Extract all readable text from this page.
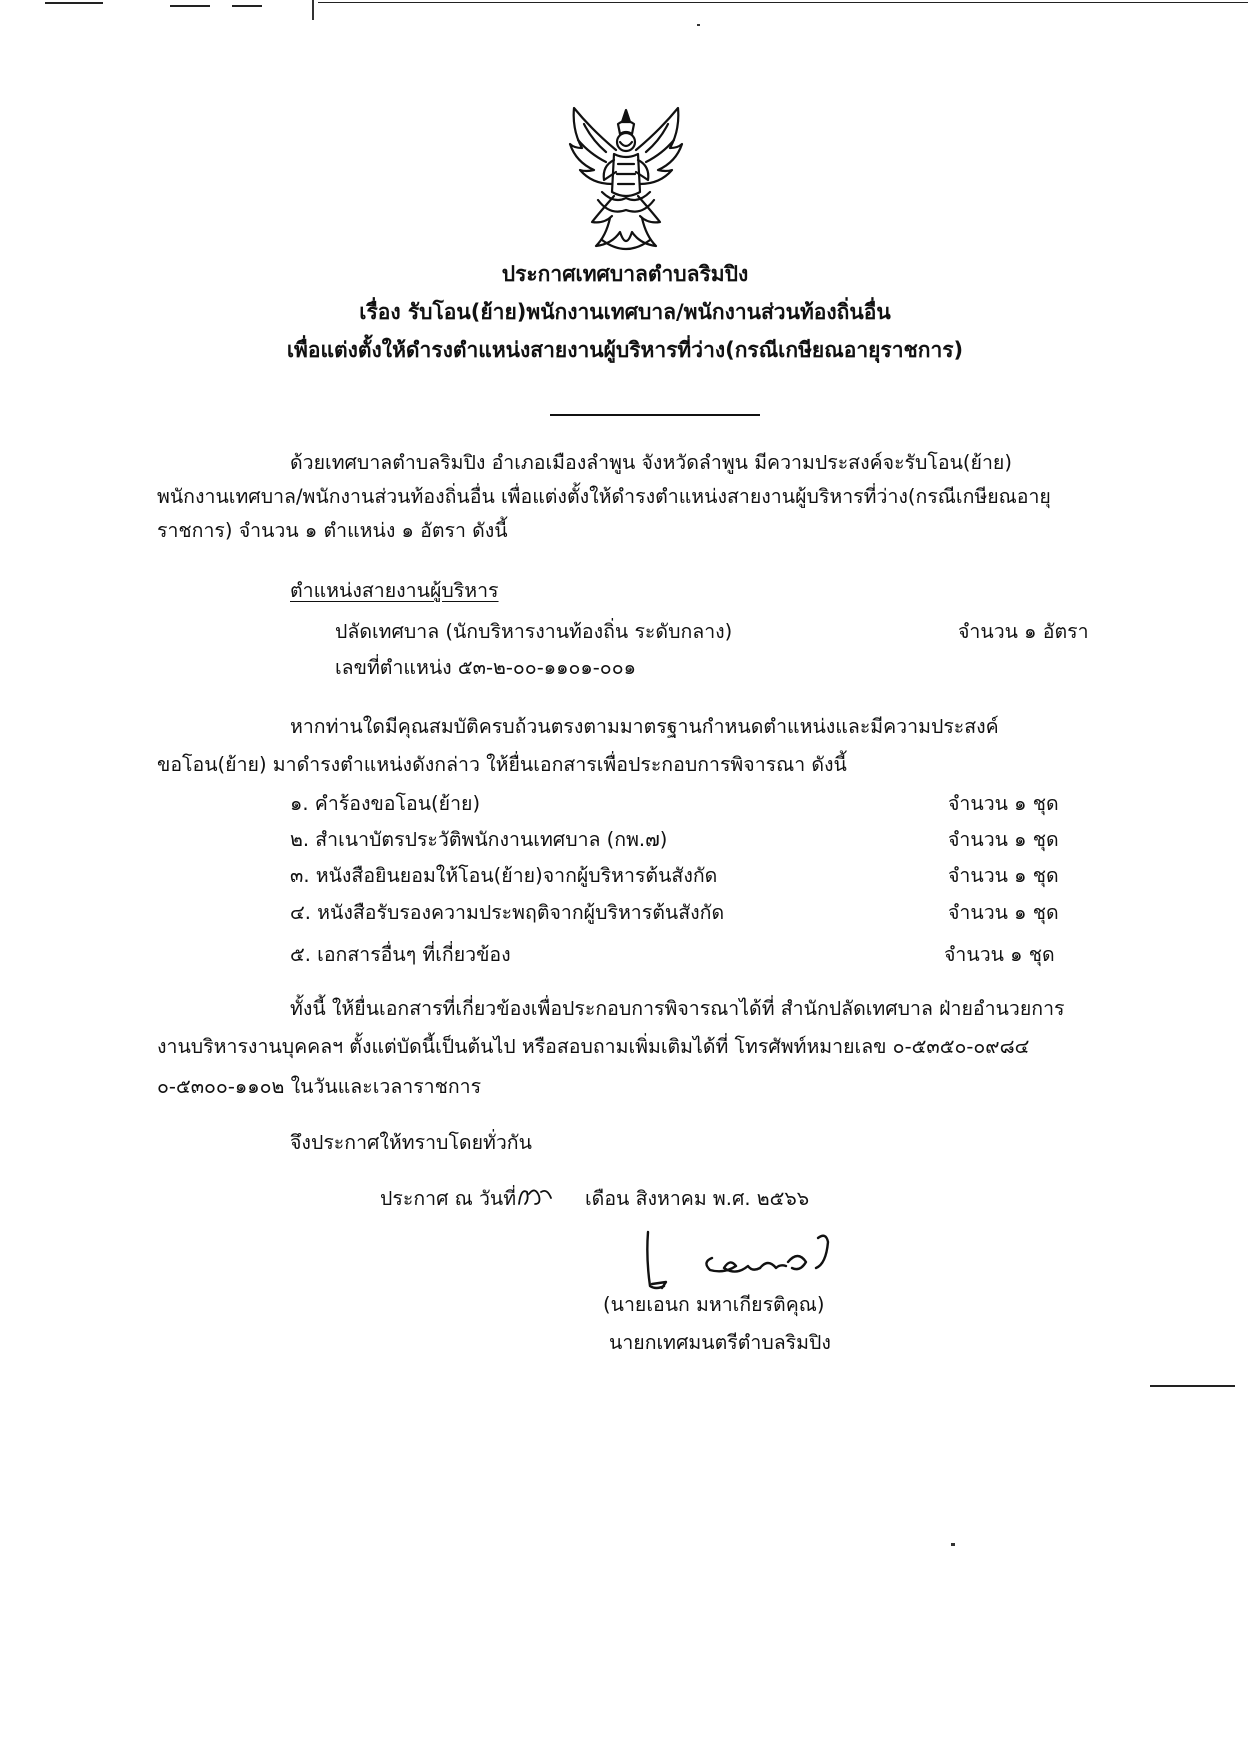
ประกาศเทศบาลตำบลริมปิง
เรื่อง รับโอน(ย้าย)พนักงานเทศบาล/พนักงานส่วนท้องถิ่นอื่น
เพื่อแต่งตั้งให้ดำรงตำแหน่งสายงานผู้บริหารที่ว่าง(กรณีเกษียณอายุราชการ)
ด้วยเทศบาลตำบลริมปิง อำเภอเมืองลำพูน จังหวัดลำพูน มีความประสงค์จะรับโอน(ย้าย)
พนักงานเทศบาล/พนักงานส่วนท้องถิ่นอื่น เพื่อแต่งตั้งให้ดำรงตำแหน่งสายงานผู้บริหารที่ว่าง(กรณีเกษียณอายุ
ราชการ) จำนวน ๑ ตำแหน่ง ๑ อัตรา ดังนี้
ตำแหน่งสายงานผู้บริหาร
ปลัดเทศบาล (นักบริหารงานท้องถิ่น ระดับกลาง)	จำนวน ๑ อัตรา
เลขที่ตำแหน่ง ๕๓-๒-๐๐-๑๑๐๑-๐๐๑
หากท่านใดมีคุณสมบัติครบถ้วนตรงตามมาตรฐานกำหนดตำแหน่งและมีความประสงค์
ขอโอน(ย้าย) มาดำรงตำแหน่งดังกล่าว ให้ยื่นเอกสารเพื่อประกอบการพิจารณา ดังนี้
๑. คำร้องขอโอน(ย้าย)	จำนวน ๑ ชุด
๒. สำเนาบัตรประวัติพนักงานเทศบาล (กพ.๗)	จำนวน ๑ ชุด
๓. หนังสือยินยอมให้โอน(ย้าย)จากผู้บริหารต้นสังกัด	จำนวน ๑ ชุด
๔. หนังสือรับรองความประพฤติจากผู้บริหารต้นสังกัด	จำนวน ๑ ชุด
๕. เอกสารอื่นๆ ที่เกี่ยวข้อง	จำนวน ๑ ชุด
ทั้งนี้ ให้ยื่นเอกสารที่เกี่ยวข้องเพื่อประกอบการพิจารณาได้ที่ สำนักปลัดเทศบาล ฝ่ายอำนวยการ
งานบริหารงานบุคคลฯ ตั้งแต่บัดนี้เป็นต้นไป หรือสอบถามเพิ่มเติมได้ที่ โทรศัพท์หมายเลข ๐-๕๓๕๐-๐๙๘๔
๐-๕๓๐๐-๑๑๐๒ ในวันและเวลาราชการ
จึงประกาศให้ทราบโดยทั่วกัน
ประกาศ ณ วันที่	เดือน สิงหาคม พ.ศ. ๒๕๖๖
(นายเอนก มหาเกียรติคุณ)
นายกเทศมนตรีตำบลริมปิง
